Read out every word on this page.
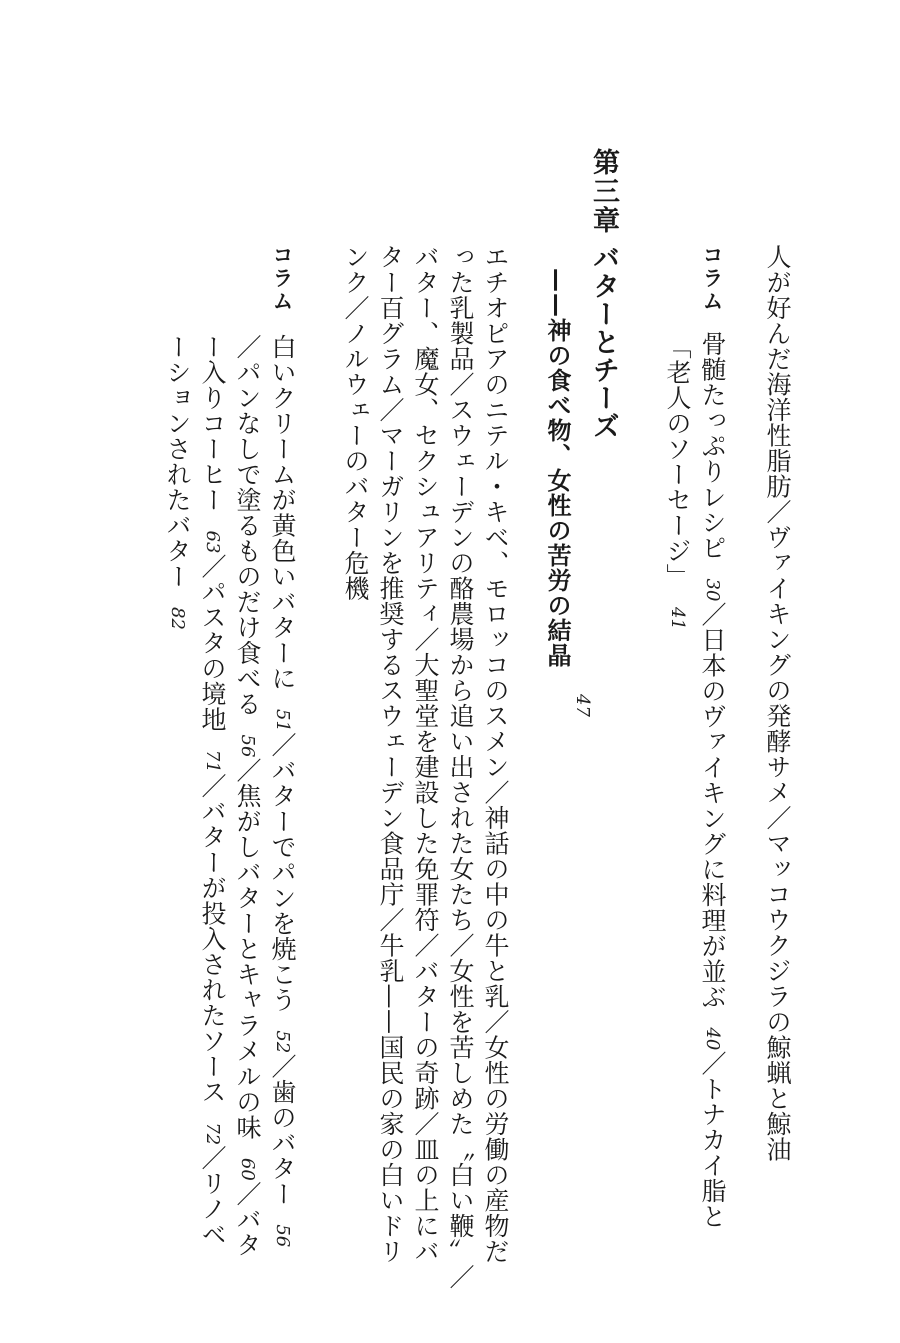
人が好んだ海洋性脂肪／ヴァイキングの発酵サメ／マッコウクジラの鯨蝋と鯨油
コラム骨髄たっぷりレシピ30／日本のヴァイキングに料理が並ぶ40／トナカイ脂と
「老人のソーセージ」41
第三章
バターとチーズ
——神の食べ物、女性の苦労の結晶
47
エチオピアのニテル・キベ、モロッコのスメン／神話の中の牛と乳／女性の労働の産物だ
った乳製品／スウェーデンの酪農場から追い出された女たち／女性を苦しめた〝白い鞭〟／
バター、魔女、セクシュアリティ／大聖堂を建設した免罪符／バターの奇跡／皿の上にバ
ター百グラム／マーガリンを推奨するスウェーデン食品庁／牛乳——国民の家の白いドリ
ンク／ノルウェーのバター危機
コラム
白いクリームが黄色いバターに51／バターでパンを焼こう52／歯のバター56
／パンなしで塗るものだけ食べる56／焦がしバターとキャラメルの味60／バタ
ー入りコーヒー63／パスタの境地71／バターが投入されたソース72／リノベ
ーションされたバター82
